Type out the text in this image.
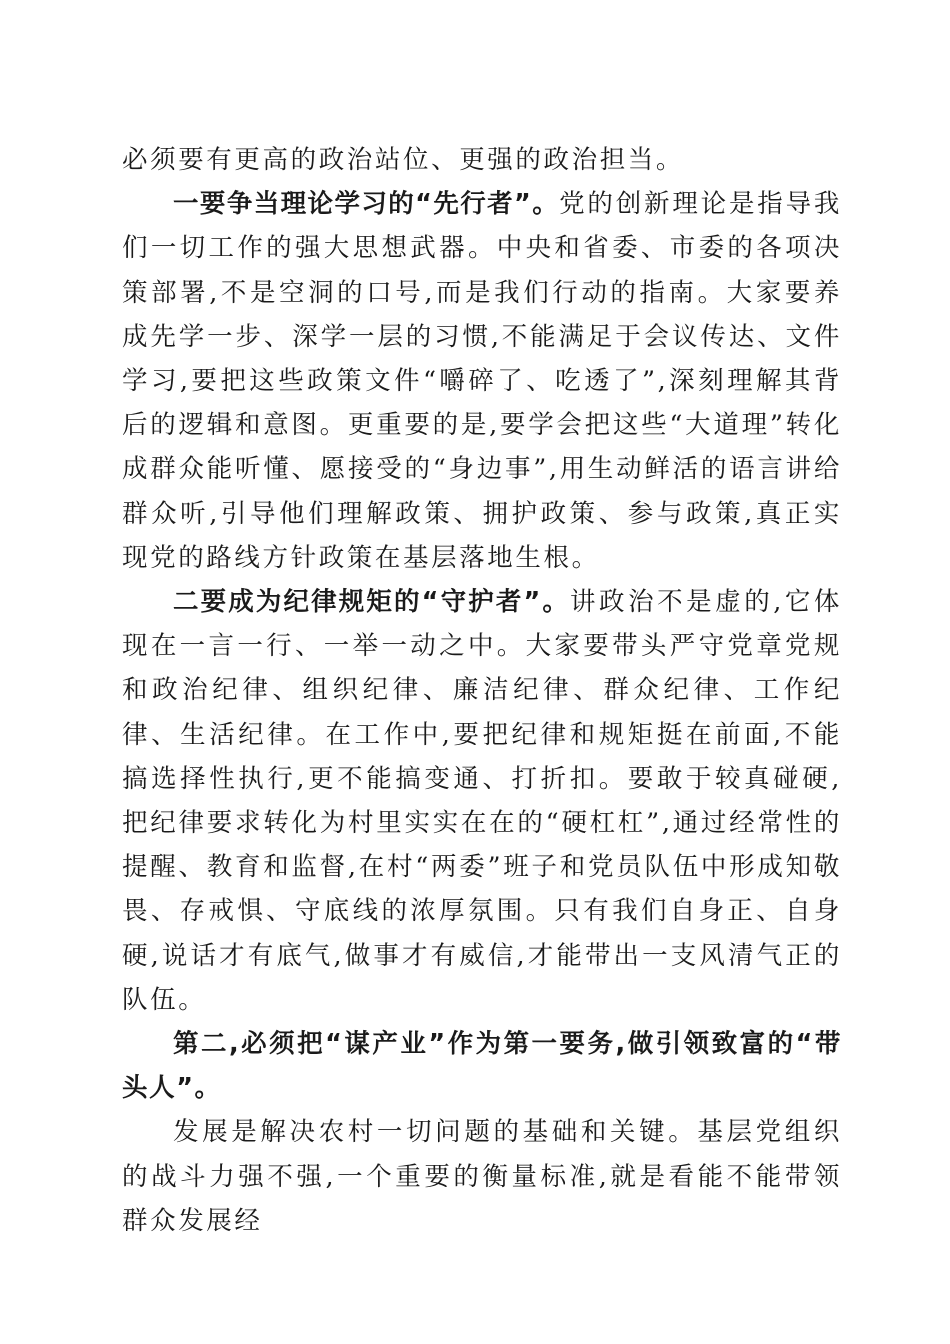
必须要有更高的政治站位、更强的政治担当。

一要争当理论学习的“先行者”。党的创新理论是指导我们一切工作的强大思想武器。中央和省委、市委的各项决策部署,不是空洞的口号,而是我们行动的指南。大家要养成先学一步、深学一层的习惯,不能满足于会议传达、文件学习,要把这些政策文件“嚼碎了、吃透了”,深刻理解其背后的逻辑和意图。更重要的是,要学会把这些“大道理”转化成群众能听懂、愿接受的“身边事”,用生动鲜活的语言讲给群众听,引导他们理解政策、拥护政策、参与政策,真正实现党的路线方针政策在基层落地生根。

二要成为纪律规矩的“守护者”。讲政治不是虚的,它体现在一言一行、一举一动之中。大家要带头严守党章党规和政治纪律、组织纪律、廉洁纪律、群众纪律、工作纪律、生活纪律。在工作中,要把纪律和规矩挺在前面,不能搞选择性执行,更不能搞变通、打折扣。要敢于较真碰硬,把纪律要求转化为村里实实在在的“硬杠杠”,通过经常性的提醒、教育和监督,在村“两委”班子和党员队伍中形成知敬畏、存戒惧、守底线的浓厚氛围。只有我们自身正、自身硬,说话才有底气,做事才有威信,才能带出一支风清气正的队伍。

第二,必须把“谋产业”作为第一要务,做引领致富的“带头人”。

发展是解决农村一切问题的基础和关键。基层党组织的战斗力强不强,一个重要的衡量标准,就是看能不能带领群众发展经
